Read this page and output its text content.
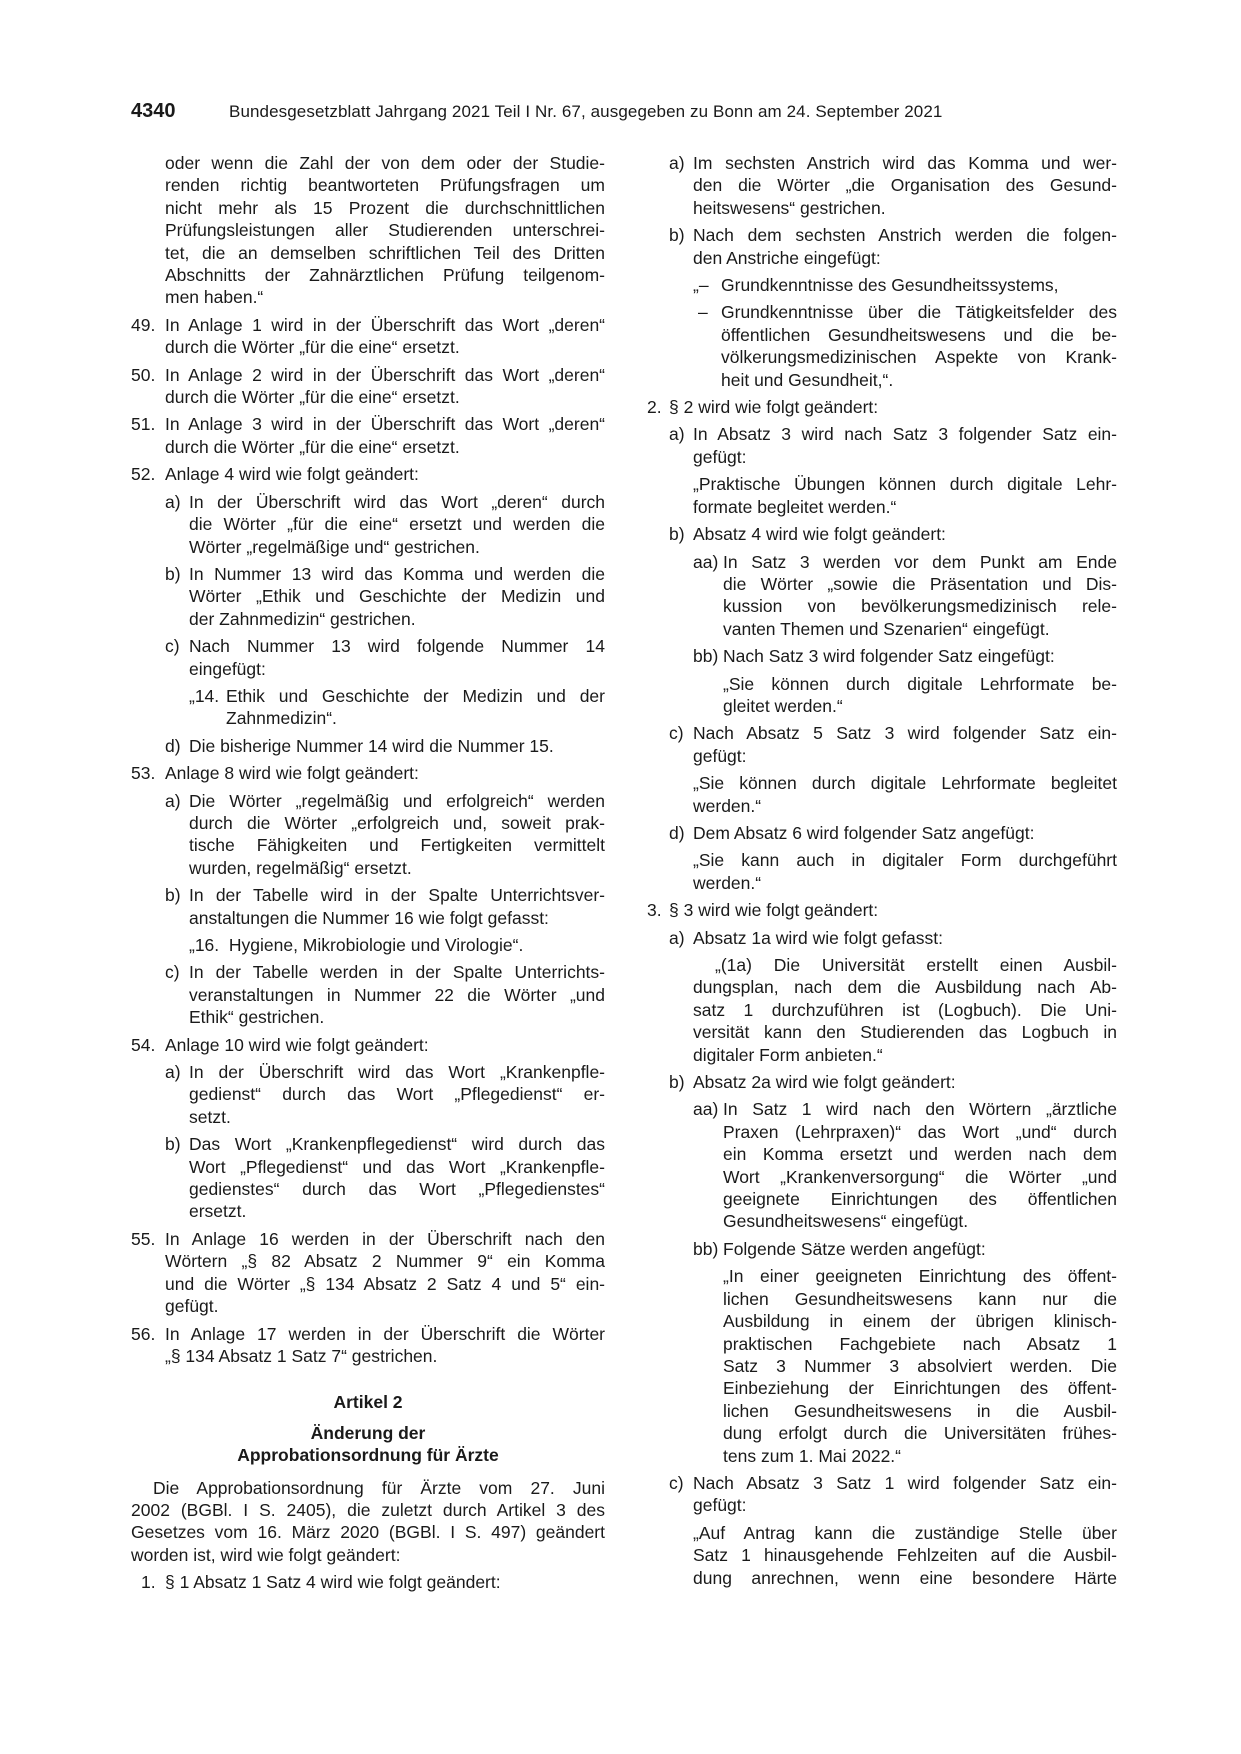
4340	Bundesgesetzblatt Jahrgang 2021 Teil I Nr. 67, ausgegeben zu Bonn am 24. September 2021
oder wenn die Zahl der von dem oder der Studie-
renden richtig beantworteten Prüfungsfragen um
nicht mehr als 15 Prozent die durchschnittlichen
Prüfungsleistungen aller Studierenden unterschrei-
tet, die an demselben schriftlichen Teil des Dritten
Abschnitts der Zahnärztlichen Prüfung teilgenom-
men haben.“
49. In Anlage 1 wird in der Überschrift das Wort „deren“
durch die Wörter „für die eine“ ersetzt.
50. In Anlage 2 wird in der Überschrift das Wort „deren“
durch die Wörter „für die eine“ ersetzt.
51. In Anlage 3 wird in der Überschrift das Wort „deren“
durch die Wörter „für die eine“ ersetzt.
52. Anlage 4 wird wie folgt geändert:
a) In der Überschrift wird das Wort „deren“ durch
die Wörter „für die eine“ ersetzt und werden die
Wörter „regelmäßige und“ gestrichen.
b) In Nummer 13 wird das Komma und werden die
Wörter „Ethik und Geschichte der Medizin und
der Zahnmedizin“ gestrichen.
c) Nach Nummer 13 wird folgende Nummer 14
eingefügt:
„14. Ethik und Geschichte der Medizin und der
Zahnmedizin“.
d) Die bisherige Nummer 14 wird die Nummer 15.
53. Anlage 8 wird wie folgt geändert:
a) Die Wörter „regelmäßig und erfolgreich“ werden
durch die Wörter „erfolgreich und, soweit prak-
tische Fähigkeiten und Fertigkeiten vermittelt
wurden, regelmäßig“ ersetzt.
b) In der Tabelle wird in der Spalte Unterrichtsver-
anstaltungen die Nummer 16 wie folgt gefasst:
„16.  Hygiene, Mikrobiologie und Virologie“.
c) In der Tabelle werden in der Spalte Unterrichts-
veranstaltungen in Nummer 22 die Wörter „und
Ethik“ gestrichen.
54. Anlage 10 wird wie folgt geändert:
a) In der Überschrift wird das Wort „Krankenpfle-
gedienst“ durch das Wort „Pflegedienst“ er-
setzt.
b) Das Wort „Krankenpflegedienst“ wird durch das
Wort „Pflegedienst“ und das Wort „Krankenpfle-
gedienstes“ durch das Wort „Pflegedienstes“
ersetzt.
55. In Anlage 16 werden in der Überschrift nach den
Wörtern „§ 82 Absatz 2 Nummer 9“ ein Komma
und die Wörter „§ 134 Absatz 2 Satz 4 und 5“ ein-
gefügt.
56. In Anlage 17 werden in der Überschrift die Wörter
„§ 134 Absatz 1 Satz 7“ gestrichen.

Artikel 2

Änderung der

Approbationsordnung für Ärzte

Die Approbationsordnung für Ärzte vom 27. Juni
2002 (BGBl. I S. 2405), die zuletzt durch Artikel 3 des
Gesetzes vom 16. März 2020 (BGBl. I S. 497) geändert
worden ist, wird wie folgt geändert:
1. § 1 Absatz 1 Satz 4 wird wie folgt geändert:
a) Im sechsten Anstrich wird das Komma und wer-
den die Wörter „die Organisation des Gesund-
heitswesens“ gestrichen.
b) Nach dem sechsten Anstrich werden die folgen-
den Anstriche eingefügt:
„– Grundkenntnisse des Gesundheitssystems,
– Grundkenntnisse über die Tätigkeitsfelder des
öffentlichen Gesundheitswesens und die be-
völkerungsmedizinischen Aspekte von Krank-
heit und Gesundheit,“.
2. § 2 wird wie folgt geändert:
a) In Absatz 3 wird nach Satz 3 folgender Satz ein-
gefügt:
„Praktische Übungen können durch digitale Lehr-
formate begleitet werden.“
b) Absatz 4 wird wie folgt geändert:
aa) In Satz 3 werden vor dem Punkt am Ende
die Wörter „sowie die Präsentation und Dis-
kussion von bevölkerungsmedizinisch rele-
vanten Themen und Szenarien“ eingefügt.
bb) Nach Satz 3 wird folgender Satz eingefügt:
„Sie können durch digitale Lehrformate be-
gleitet werden.“
c) Nach Absatz 5 Satz 3 wird folgender Satz ein-
gefügt:
„Sie können durch digitale Lehrformate begleitet
werden.“
d) Dem Absatz 6 wird folgender Satz angefügt:
„Sie kann auch in digitaler Form durchgeführt
werden.“
3. § 3 wird wie folgt geändert:
a) Absatz 1a wird wie folgt gefasst:
„(1a) Die Universität erstellt einen Ausbil-
dungsplan, nach dem die Ausbildung nach Ab-
satz 1 durchzuführen ist (Logbuch). Die Uni-
versität kann den Studierenden das Logbuch in
digitaler Form anbieten.“
b) Absatz 2a wird wie folgt geändert:
aa) In Satz 1 wird nach den Wörtern „ärztliche
Praxen (Lehrpraxen)“ das Wort „und“ durch
ein Komma ersetzt und werden nach dem
Wort „Krankenversorgung“ die Wörter „und
geeignete Einrichtungen des öffentlichen
Gesundheitswesens“ eingefügt.
bb) Folgende Sätze werden angefügt:
„In einer geeigneten Einrichtung des öffent-
lichen Gesundheitswesens kann nur die
Ausbildung in einem der übrigen klinisch-
praktischen Fachgebiete nach Absatz 1
Satz 3 Nummer 3 absolviert werden. Die
Einbeziehung der Einrichtungen des öffent-
lichen Gesundheitswesens in die Ausbil-
dung erfolgt durch die Universitäten frühes-
tens zum 1. Mai 2022.“
c) Nach Absatz 3 Satz 1 wird folgender Satz ein-
gefügt:
„Auf Antrag kann die zuständige Stelle über
Satz 1 hinausgehende Fehlzeiten auf die Ausbil-
dung anrechnen, wenn eine besondere Härte
